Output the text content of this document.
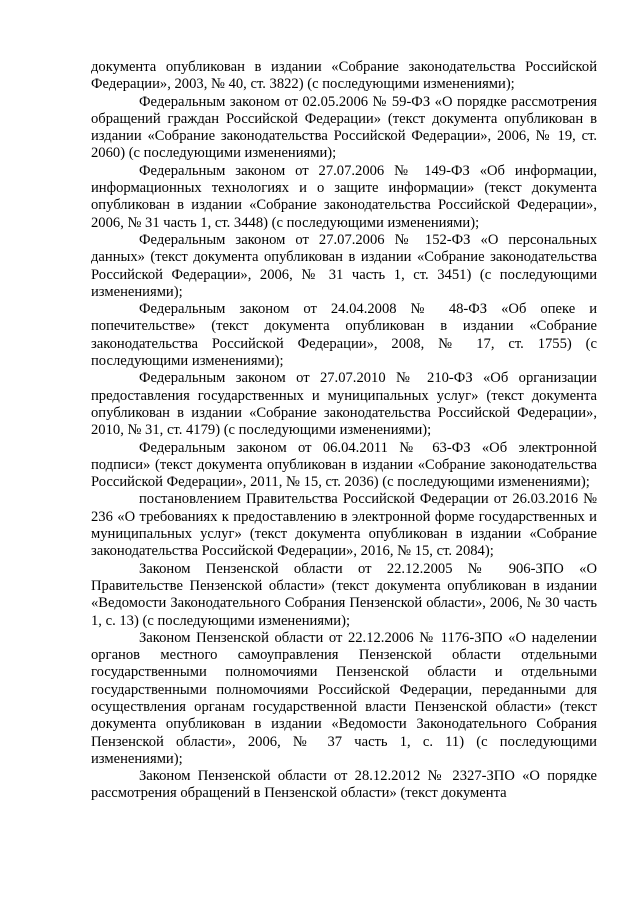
документа опубликован в издании «Собрание законодательства Российской Федерации», 2003, № 40, ст. 3822) (с последующими изменениями);

Федеральным законом от 02.05.2006 № 59-ФЗ «О порядке рассмотрения обращений граждан Российской Федерации» (текст документа опубликован в издании «Собрание законодательства Российской Федерации», 2006, № 19, ст. 2060) (с последующими изменениями);

Федеральным законом от 27.07.2006 № 149-ФЗ «Об информации, информационных технологиях и о защите информации» (текст документа опубликован в издании «Собрание законодательства Российской Федерации», 2006, № 31 часть 1, ст. 3448) (с последующими изменениями);

Федеральным законом от 27.07.2006 № 152-ФЗ «О персональных данных» (текст документа опубликован в издании «Собрание законодательства Российской Федерации», 2006, № 31 часть 1, ст. 3451) (с последующими изменениями);

Федеральным законом от 24.04.2008 № 48-ФЗ «Об опеке и попечительстве» (текст документа опубликован в издании «Собрание законодательства Российской Федерации», 2008, № 17, ст. 1755) (с последующими изменениями);

Федеральным законом от 27.07.2010 № 210-ФЗ «Об организации предоставления государственных и муниципальных услуг» (текст документа опубликован в издании «Собрание законодательства Российской Федерации», 2010, № 31, ст. 4179) (с последующими изменениями);

Федеральным законом от 06.04.2011 № 63-ФЗ «Об электронной подписи» (текст документа опубликован в издании «Собрание законодательства Российской Федерации», 2011, № 15, ст. 2036) (с последующими изменениями);

постановлением Правительства Российской Федерации от 26.03.2016 № 236 «О требованиях к предоставлению в электронной форме государственных и муниципальных услуг» (текст документа опубликован в издании «Собрание законодательства Российской Федерации», 2016, № 15, ст. 2084);

Законом Пензенской области от 22.12.2005 № 906-ЗПО «О Правительстве Пензенской области» (текст документа опубликован в издании «Ведомости Законодательного Собрания Пензенской области», 2006, № 30 часть 1, с. 13) (с последующими изменениями);

Законом Пензенской области от 22.12.2006 № 1176-ЗПО «О наделении органов местного самоуправления Пензенской области отдельными государственными полномочиями Пензенской области и отдельными государственными полномочиями Российской Федерации, переданными для осуществления органам государственной власти Пензенской области» (текст документа опубликован в издании «Ведомости Законодательного Собрания Пензенской области», 2006, № 37 часть 1, с. 11) (с последующими изменениями);

Законом Пензенской области от 28.12.2012 № 2327-ЗПО «О порядке рассмотрения обращений в Пензенской области» (текст документа
